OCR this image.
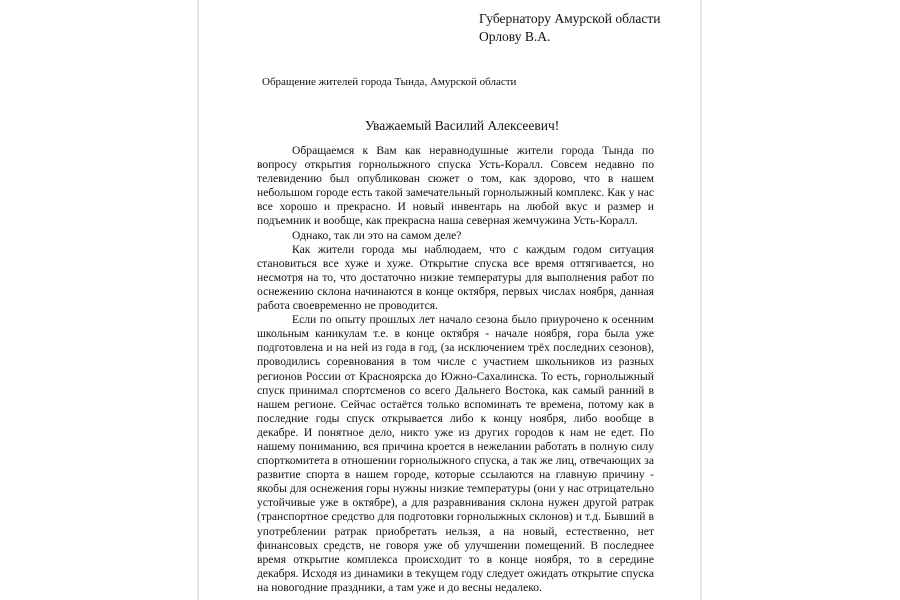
Губернатору Амурской области
Орлову В.А.
Обращение жителей города Тында, Амурской области
Уважаемый Василий Алексеевич!

Обращаемся к Вам как неравнодушные жители города Тында по вопросу открытия горнолыжного спуска Усть-Коралл. Совсем недавно по телевидению был опубликован сюжет о том, как здорово, что в нашем небольшом городе есть такой замечательный горнолыжный комплекс. Как у нас все хорошо и прекрасно. И новый инвентарь на любой вкус и размер и подъемник и вообще, как прекрасна наша северная жемчужина Усть-Коралл.

Однако, так ли это на самом деле?

Как жители города мы наблюдаем, что с каждым годом ситуация становиться все хуже и хуже. Открытие спуска все время оттягивается, но несмотря на то, что достаточно низкие температуры для выполнения работ по оснежению склона начинаются в конце октября, первых числах ноября, данная работа своевременно не проводится.

Если по опыту прошлых лет начало сезона было приурочено к осенним школьным каникулам т.е. в конце октября - начале ноября, гора была уже подготовлена и на ней из года в год, (за исключением трёх последних сезонов), проводились соревнования в том числе с участием школьников из разных регионов России от Красноярска до Южно-Сахалинска. То есть, горнолыжный спуск принимал спортсменов со всего Дальнего Востока, как самый ранний в нашем регионе. Сейчас остаётся только вспоминать те времена, потому как в последние годы спуск открывается либо к концу ноября, либо вообще в декабре. И понятное дело, никто уже из других городов к нам не едет. По нашему пониманию, вся причина кроется в нежелании работать в полную силу спорткомитета в отношении горнолыжного спуска, а так же лиц, отвечающих за развитие спорта в нашем городе, которые ссылаются на главную причину - якобы для оснежения горы нужны низкие температуры (они у нас отрицательно устойчивые уже в октябре), а для разравнивания склона нужен другой ратрак (транспортное средство для подготовки горнолыжных склонов) и т.д. Бывший в употреблении ратрак приобретать нельзя, а на новый, естественно, нет финансовых средств, не говоря уже об улучшении помещений. В последнее время открытие комплекса происходит то в конце ноября, то в середине декабря. Исходя из динамики в текущем году следует ожидать открытие спуска на новогодние праздники, а там уже и до весны недалеко.
